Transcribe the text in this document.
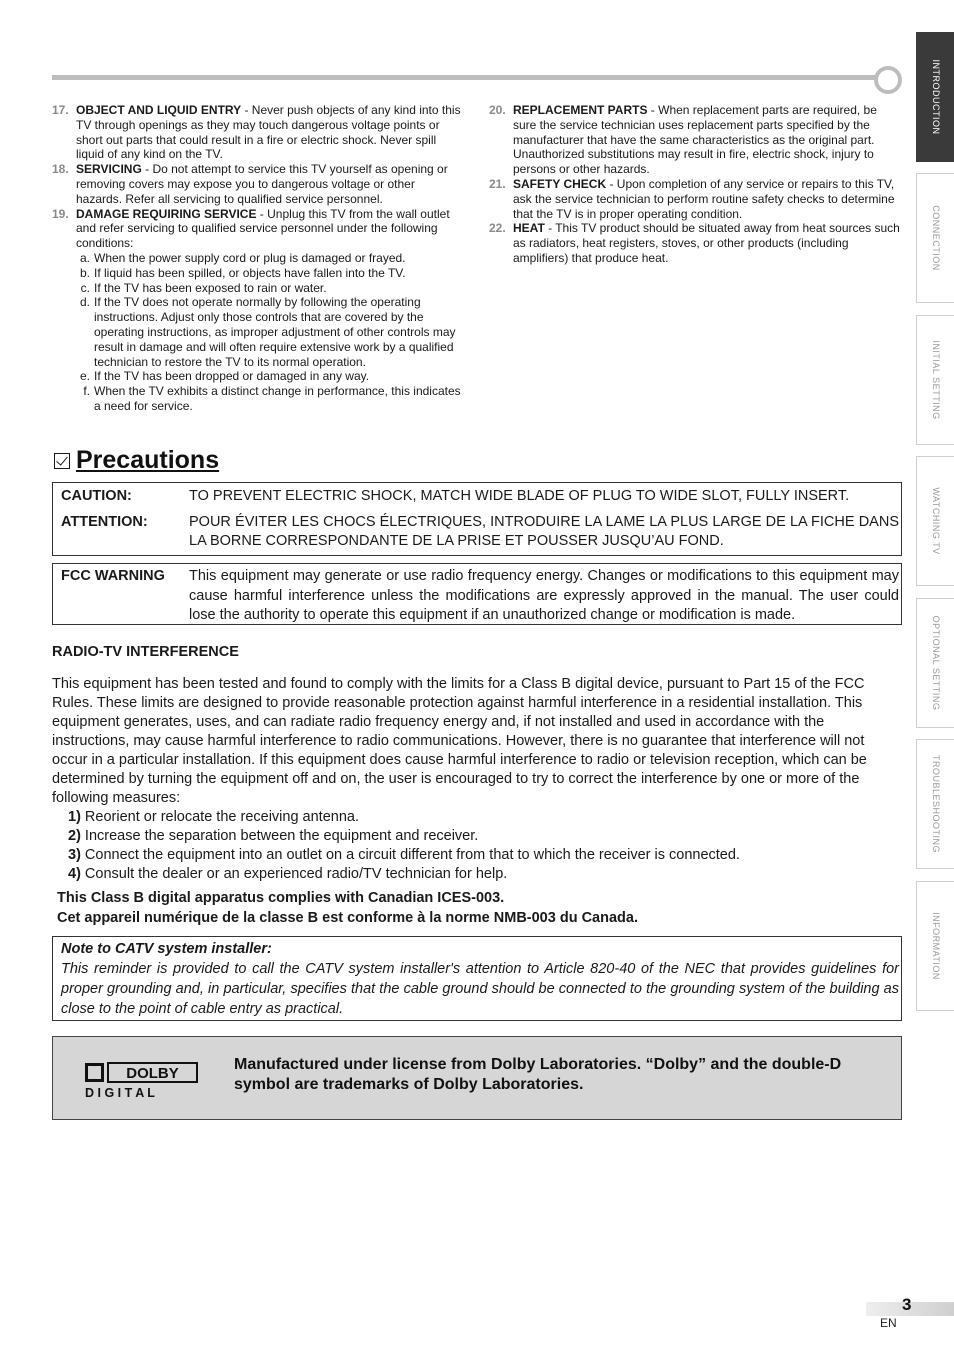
INTRODUCTION
CONNECTION
INITIAL SETTING
WATCHING TV
OPTIONAL SETTING
TROUBLESHOOTING
INFORMATION

17. OBJECT AND LIQUID ENTRY - Never push objects of any kind into this TV through openings as they may touch dangerous voltage points or short out parts that could result in a fire or electric shock. Never spill liquid of any kind on the TV.

18. SERVICING - Do not attempt to service this TV yourself as opening or removing covers may expose you to dangerous voltage or other hazards. Refer all servicing to qualified service personnel.

19. DAMAGE REQUIRING SERVICE - Unplug this TV from the wall outlet and refer servicing to qualified service personnel under the following conditions:

a. When the power supply cord or plug is damaged or frayed.

b. If liquid has been spilled, or objects have fallen into the TV.

c. If the TV has been exposed to rain or water.

d. If the TV does not operate normally by following the operating instructions. Adjust only those controls that are covered by the operating instructions, as improper adjustment of other controls may result in damage and will often require extensive work by a qualified technician to restore the TV to its normal operation.

e. If the TV has been dropped or damaged in any way.

f. When the TV exhibits a distinct change in performance, this indicates a need for service.

20. REPLACEMENT PARTS - When replacement parts are required, be sure the service technician uses replacement parts specified by the manufacturer that have the same characteristics as the original part. Unauthorized substitutions may result in fire, electric shock, injury to persons or other hazards.

21. SAFETY CHECK - Upon completion of any service or repairs to this TV, ask the service technician to perform routine safety checks to determine that the TV is in proper operating condition.

22. HEAT - This TV product should be situated away from heat sources such as radiators, heat registers, stoves, or other products (including amplifiers) that produce heat.

Precautions
CAUTION:	TO PREVENT ELECTRIC SHOCK, MATCH WIDE BLADE OF PLUG TO WIDE SLOT, FULLY INSERT.
ATTENTION:	POUR ÉVITER LES CHOCS ÉLECTRIQUES, INTRODUIRE LA LAME LA PLUS LARGE DE LA FICHE DANS LA BORNE CORRESPONDANTE DE LA PRISE ET POUSSER JUSQU’AU FOND.
FCC WARNING	This equipment may generate or use radio frequency energy. Changes or modifications to this equipment may cause harmful interference unless the modifications are expressly approved in the manual. The user could lose the authority to operate this equipment if an unauthorized change or modification is made.
RADIO-TV INTERFERENCE

This equipment has been tested and found to comply with the limits for a Class B digital device, pursuant to Part 15 of the FCC Rules. These limits are designed to provide reasonable protection against harmful interference in a residential installation. This equipment generates, uses, and can radiate radio frequency energy and, if not installed and used in accordance with the instructions, may cause harmful interference to radio communications. However, there is no guarantee that interference will not occur in a particular installation. If this equipment does cause harmful interference to radio or television reception, which can be determined by turning the equipment off and on, the user is encouraged to try to correct the interference by one or more of the following measures:

1) Reorient or relocate the receiving antenna.

2) Increase the separation between the equipment and receiver.

3) Connect the equipment into an outlet on a circuit different from that to which the receiver is connected.

4) Consult the dealer or an experienced radio/TV technician for help.

This Class B digital apparatus complies with Canadian ICES-003.
Cet appareil numérique de la classe B est conforme à la norme NMB-003 du Canada.
Note to CATV system installer:
This reminder is provided to call the CATV system installer's attention to Article 820-40 of the NEC that provides guidelines for proper grounding and, in particular, specifies that the cable ground should be connected to the grounding system of the building as close to the point of cable entry as practical.
DOLBY
D I G I T A L
Manufactured under license from Dolby Laboratories. “Dolby” and the double-D symbol are trademarks of Dolby Laboratories.
3
EN
